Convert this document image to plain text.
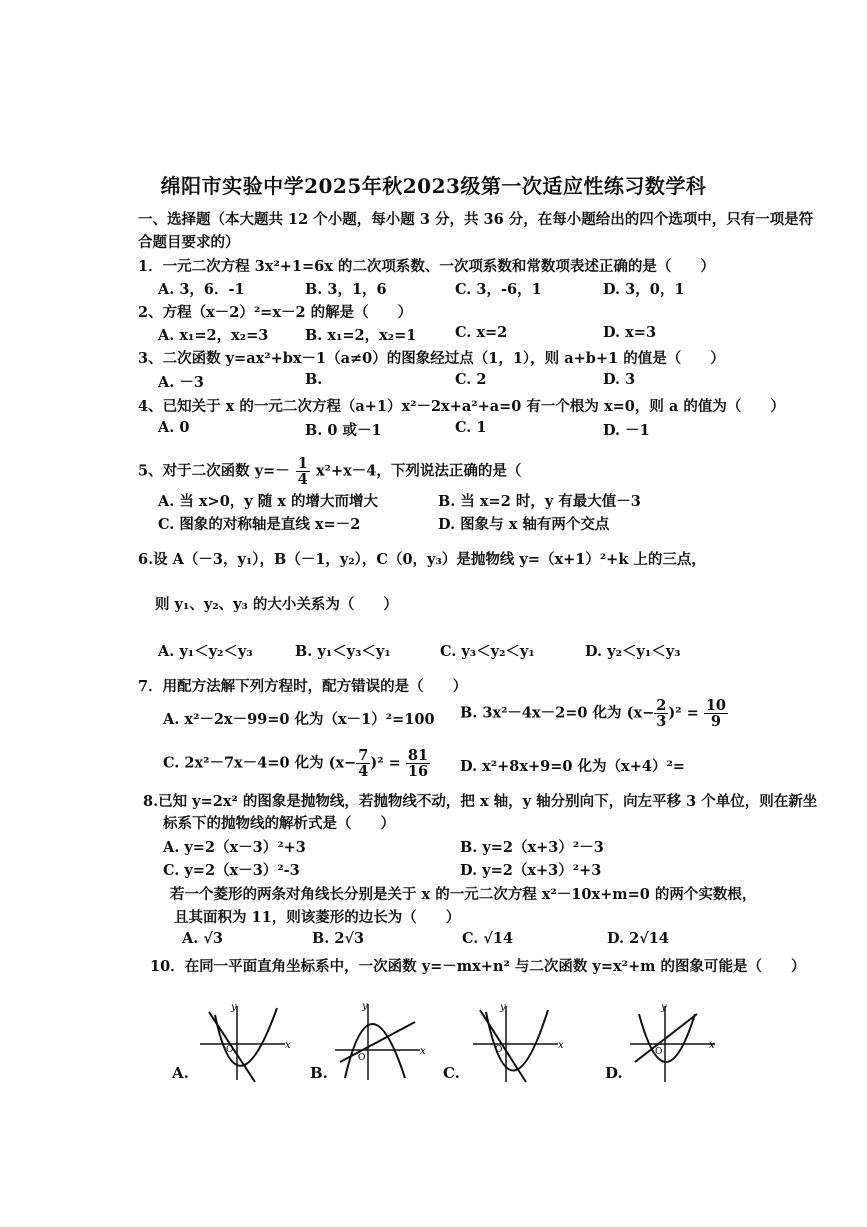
绵阳市实验中学2025年秋2023级第一次适应性练习数学科
一、选择题（本大题共 12 个小题，每小题 3 分，共 36 分，在每小题给出的四个选项中，只有一项是符
合题目要求的）
1．一元二次方程 3x²+1=6x 的二次项系数、一次项系数和常数项表述正确的是（　　）
A. 3，6．-1	B. 3，1，6	C. 3，-6，1	D. 3，0，1
2、方程（x－2）²=x－2 的解是（　　）
A. x₁=2，x₂=3	B. x₁=2，x₂=1	C. x=2	D. x=3
3、二次函数 y=ax²+bx－1（a≠0）的图象经过点（1，1），则 a+b+1 的值是（　　）
A. －3	B.	C. 2	D. 3
4、已知关于 x 的一元二次方程（a+1）x²－2x+a²+a=0 有一个根为 x=0，则 a 的值为（　　）
A. 0	B. 0 或－1	C. 1	D. －1
5、对于二次函数 $y=- \frac{1}{4} x^2+x-4$，下列说法正确的是（
A. 当 x>0，y 随 x 的增大而增大	B. 当 x=2 时，y 有最大值－3
C. 图象的对称轴是直线 x=－2	D. 图象与 x 轴有两个交点
6.设 A（－3，y₁），B（－1，y₂），C（0，y₃）是抛物线 y=（x+1）²+k 上的三点，
则 y₁、y₂、y₃ 的大小关系为（　　）
A. y₁＜y₂＜y₃	B. y₁＜y₃＜y₁	C. y₃＜y₂＜y₁	D. y₂＜y₁＜y₃
7．用配方法解下列方程时，配方错误的是（　　）
A. x²－2x－99=0 化为（x－1）²=100 B. 3x²－4x－2=0 化为 $(x- \frac{2}{3} )^2 = \frac{10}{9}$
C. 2x²－7x－4=0 化为 $(x- \frac{7}{4} )^2 = \frac{81}{16} D$. x²+8x+9=0 化为（x+4）²=
8.已知 y=2x² 的图象是抛物线，若抛物线不动，把 x 轴，y 轴分别向下，向左平移 3 个单位，则在新坐
标系下的抛物线的解析式是（　　）
A. y=2（x－3）²+3	B. y=2（x+3）²－3
C. y=2（x－3）²-3	D. y=2（x+3）²+3
若一个菱形的两条对角线长分别是关于 x 的一元二次方程 x²－10x+m=0 的两个实数根，
且其面积为 11，则该菱形的边长为（　　）
A. √3	B. 2√3	C. √14	D. 2√14
10．在同一平面直角坐标系中，一次函数 y=－mx+n² 与二次函数 y=x²+m 的图象可能是（　　）
x
y
O
A.
x
y
O
B.
x
y
O
C.
x
y
O
D.
